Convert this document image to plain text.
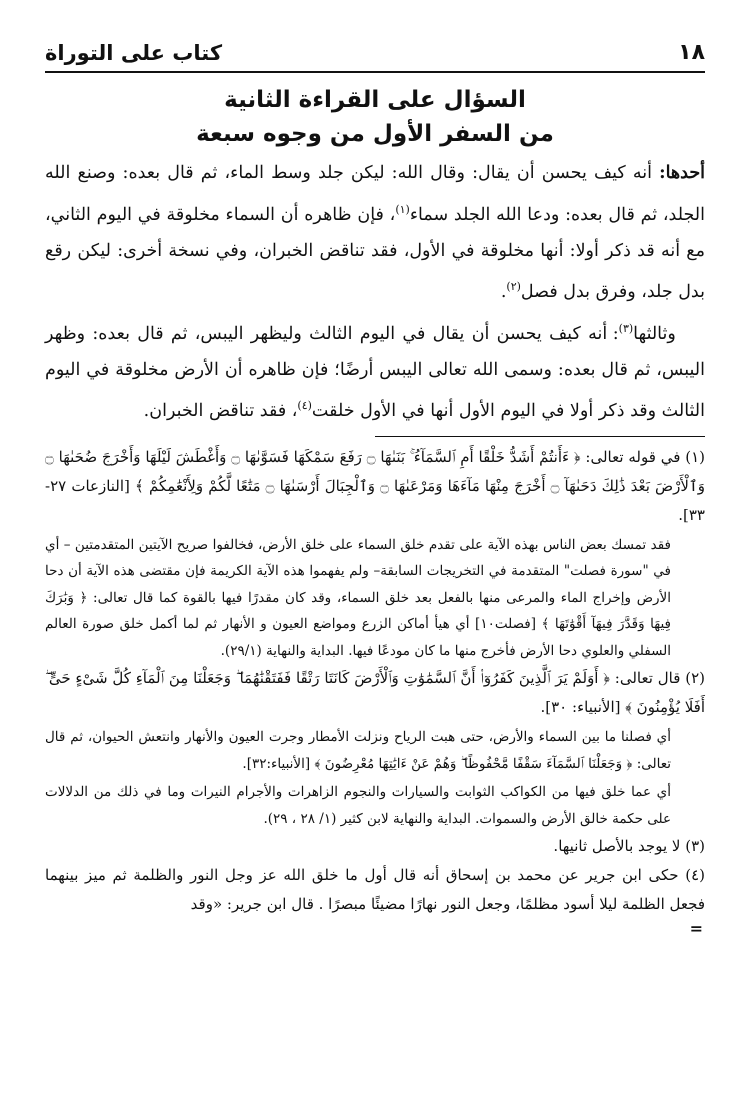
١٨
كتاب على التوراة
السؤال على القراءة الثانية
من السفر الأول من وجوه سبعة

أحدها: أنه كيف يحسن أن يقال: وقال الله: ليكن جلد وسط الماء، ثم قال بعده: وصنع الله الجلد، ثم قال بعده: ودعا الله الجلد سماء$^{(١)}$، فإن ظاهره أن السماء مخلوقة في اليوم الثاني، مع أنه قد ذكر أولا: أنها مخلوقة في الأول، فقد تناقض الخبران، وفي نسخة أخرى: ليكن رقع بدل جلد، وفرق بدل فصل$^{(٢)}$.

وثالثها$^{(٣)}$: أنه كيف يحسن أن يقال في اليوم الثالث وليظهر اليبس، ثم قال بعده: وظهر اليبس، ثم قال بعده: وسمى الله تعالى اليبس أرضًا؛ فإن ظاهره أن الأرض مخلوقة في اليوم الثالث وقد ذكر أولا في اليوم الأول أنها في الأول خلقت$^{(٤)}$، فقد تناقض الخبران.

(١) في قوله تعالى: ﴿ ءَأَنتُمْ أَشَدُّ خَلْقًا أَمِ ٱلسَّمَآءُ ۚ بَنَىٰهَا ۝ رَفَعَ سَمْكَهَا فَسَوَّىٰهَا ۝ وَأَغْطَشَ لَيْلَهَا وَأَخْرَجَ ضُحَىٰهَا ۝ وَٱلْأَرْضَ بَعْدَ ذَٰلِكَ دَحَىٰهَآ ۝ أَخْرَجَ مِنْهَا مَآءَهَا وَمَرْعَىٰهَا ۝ وَٱلْجِبَالَ أَرْسَىٰهَا ۝ مَتَٰعًا لَّكُمْ وَلِأَنْعَٰمِكُمْ ﴾ [النازعات ٢٧- ٣٣].

فقد تمسك بعض الناس بهذه الآية على تقدم خلق السماء على خلق الأرض، فخالفوا صريح الآيتين المتقدمتين – أي في "سورة فصلت" المتقدمة في التخريجات السابقة– ولم يفهموا هذه الآية الكريمة فإن مقتضى هذه الآية أن دحا الأرض وإخراج الماء والمرعى منها بالفعل بعد خلق السماء، وقد كان مقدرًا فيها بالقوة كما قال تعالى: ﴿ وَبَٰرَكَ فِيهَا وَقَدَّرَ فِيهَآ أَقْوَٰتَهَا ﴾ [فصلت١٠] أي هيأ أماكن الزرع ومواضع العيون و الأنهار ثم لما أكمل خلق صورة العالم السفلي والعلوي دحا الأرض فأخرج منها ما كان مودعًا فيها. البداية والنهاية (٢٩/١).

(٢) قال تعالى: ﴿ أَوَلَمْ يَرَ ٱلَّذِينَ كَفَرُوٓا۟ أَنَّ ٱلسَّمَٰوَٰتِ وَٱلْأَرْضَ كَانَتَا رَتْقًا فَفَتَقْنَٰهُمَا ۖ وَجَعَلْنَا مِنَ ٱلْمَآءِ كُلَّ شَىْءٍ حَىٍّ ۖ أَفَلَا يُؤْمِنُونَ ﴾ [الأنبياء: ٣٠].

أي فصلنا ما بين السماء والأرض، حتى هبت الرياح ونزلت الأمطار وجرت العيون والأنهار وانتعش الحيوان، ثم قال تعالى: ﴿ وَجَعَلْنَا ٱلسَّمَآءَ سَقْفًا مَّحْفُوظًا ۖ وَهُمْ عَنْ ءَايَٰتِهَا مُعْرِضُونَ ﴾ [الأنبياء:٣٢].

أي عما خلق فيها من الكواكب الثوابت والسيارات والنجوم الزاهرات والأجرام النيرات وما في ذلك من الدلالات على حكمة خالق الأرض والسموات. البداية والنهاية لابن كثير (١/ ٢٨ ، ٢٩).

(٣) لا يوجد بالأصل ثانيها.

(٤) حكى ابن جرير عن محمد بن إسحاق أنه قال أول ما خلق الله عز وجل النور والظلمة ثم ميز بينهما فجعل الظلمة ليلا أسود مظلمًا، وجعل النور نهارًا مضيئًا مبصرًا . قال ابن جرير: «وقد

=
